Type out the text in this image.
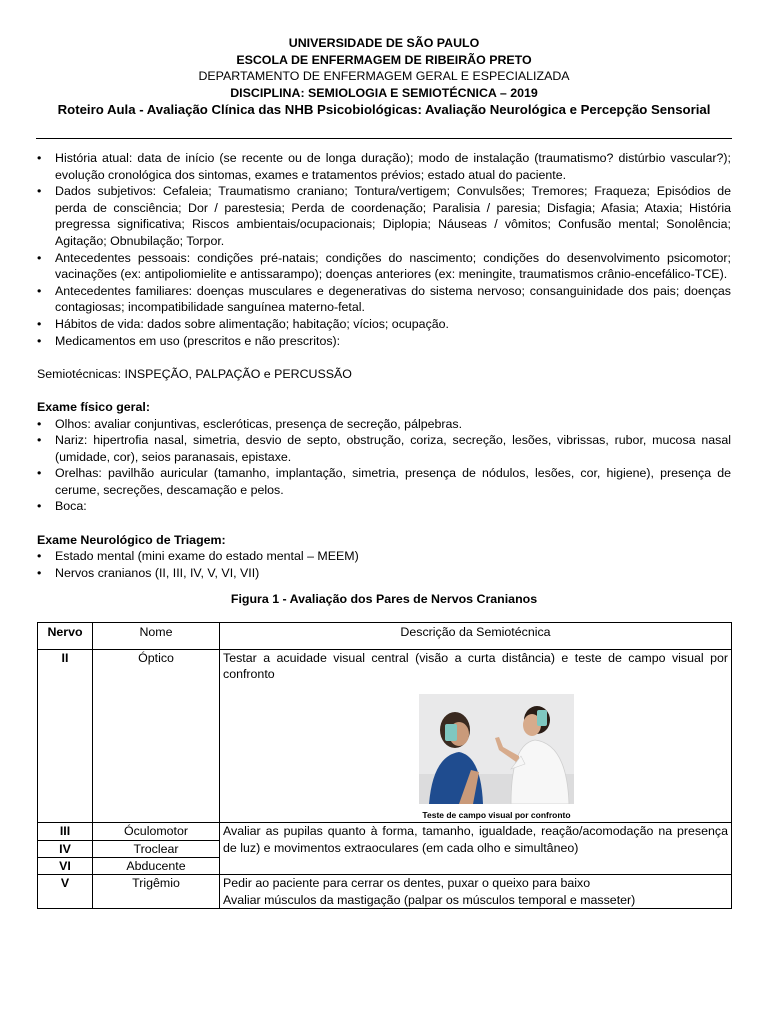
UNIVERSIDADE DE SÃO PAULO
ESCOLA DE ENFERMAGEM DE RIBEIRÃO PRETO
DEPARTAMENTO DE ENFERMAGEM GERAL E ESPECIALIZADA
DISCIPLINA: SEMIOLOGIA E SEMIOTÉCNICA – 2019
Roteiro Aula - Avaliação Clínica das NHB Psicobiológicas: Avaliação Neurológica e Percepção Sensorial
• História atual: data de início (se recente ou de longa duração); modo de instalação (traumatismo? distúrbio vascular?); evolução cronológica dos sintomas, exames e tratamentos prévios; estado atual do paciente.
• Dados subjetivos: Cefaleia; Traumatismo craniano; Tontura/vertigem; Convulsões; Tremores; Fraqueza; Episódios de perda de consciência; Dor / parestesia; Perda de coordenação; Paralisia / paresia; Disfagia; Afasia; Ataxia; História pregressa significativa; Riscos ambientais/ocupacionais; Diplopia; Náuseas / vômitos; Confusão mental; Sonolência; Agitação; Obnubilação; Torpor.
• Antecedentes pessoais: condições pré-natais; condições do nascimento; condições do desenvolvimento psicomotor; vacinações (ex: antipoliomielite e antissarampo); doenças anteriores (ex: meningite, traumatismos crânio-encefálico-TCE).
• Antecedentes familiares: doenças musculares e degenerativas do sistema nervoso; consanguinidade dos pais; doenças contagiosas; incompatibilidade sanguínea materno-fetal.
• Hábitos de vida: dados sobre alimentação; habitação; vícios; ocupação.
• Medicamentos em uso (prescritos e não prescritos):
Semiotécnicas: INSPEÇÃO, PALPAÇÃO e PERCUSSÃO
Exame físico geral:
• Olhos: avaliar conjuntivas, escleróticas, presença de secreção, pálpebras.
• Nariz: hipertrofia nasal, simetria, desvio de septo, obstrução, coriza, secreção, lesões, vibrissas, rubor, mucosa nasal (umidade, cor), seios paranasais, epistaxe.
• Orelhas: pavilhão auricular (tamanho, implantação, simetria, presença de nódulos, lesões, cor, higiene), presença de cerume, secreções, descamação e pelos.
• Boca:
Exame Neurológico de Triagem:
• Estado mental (mini exame do estado mental – MEEM)
• Nervos cranianos (II, III, IV, V, VI, VII)
Figura 1 - Avaliação dos Pares de Nervos Cranianos
Nervo	Nome	Descrição da Semiotécnica
II	Óptico	Testar a acuidade visual central (visão a curta distância) e teste de campo visual por confronto
Teste de campo visual por confronto

III	Óculomotor	Avaliar as pupilas quanto à forma, tamanho, igualdade, reação/acomodação na presença de luz) e movimentos extraoculares (em cada olho e simultâneo)
IV	Troclear	
VI	Abducente	
V	Trigêmio	Pedir ao paciente para cerrar os dentes, puxar o queixo para baixo
Avaliar músculos da mastigação (palpar os músculos temporal e masseter)
